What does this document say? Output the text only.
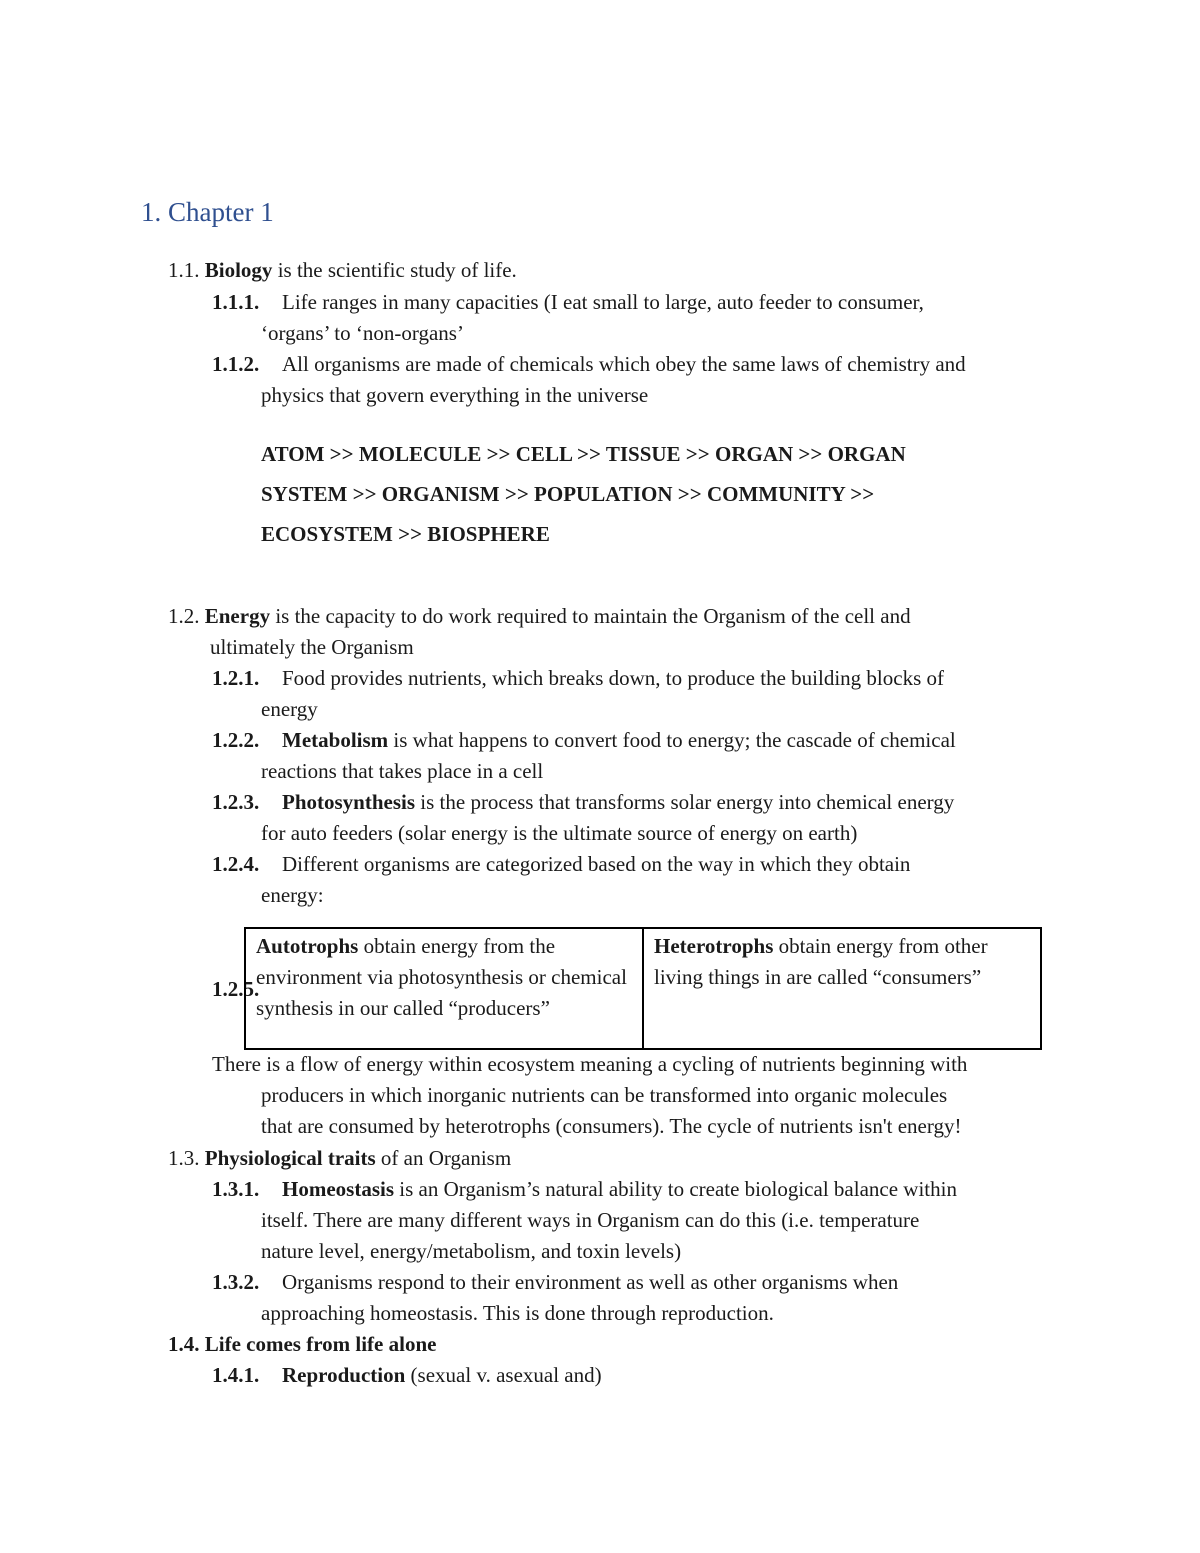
1. Chapter 1
1.1. Biology is the scientific study of life.
1.1.1. Life ranges in many capacities (I eat small to large, auto feeder to consumer,
‘organs’ to ‘non-organs’
1.1.2. All organisms are made of chemicals which obey the same laws of chemistry and
physics that govern everything in the universe
ATOM >> MOLECULE >> CELL >> TISSUE >> ORGAN >> ORGAN
SYSTEM >> ORGANISM >> POPULATION >> COMMUNITY >>
ECOSYSTEM >> BIOSPHERE
1.2. Energy is the capacity to do work required to maintain the Organism of the cell and
ultimately the Organism
1.2.1. Food provides nutrients, which breaks down, to produce the building blocks of
energy
1.2.2. Metabolism is what happens to convert food to energy; the cascade of chemical
reactions that takes place in a cell
1.2.3. Photosynthesis is the process that transforms solar energy into chemical energy
for auto feeders (solar energy is the ultimate source of energy on earth)
1.2.4. Different organisms are categorized based on the way in which they obtain
energy:
1.2.5.
Autotrophs obtain energy from the environment via photosynthesis or chemical synthesis in our called “producers”	Heterotrophs obtain energy from other living things in are called “consumers”
There is a flow of energy within ecosystem meaning a cycling of nutrients beginning with
producers in which inorganic nutrients can be transformed into organic molecules
that are consumed by heterotrophs (consumers). The cycle of nutrients isn't energy!
1.3. Physiological traits of an Organism
1.3.1. Homeostasis is an Organism’s natural ability to create biological balance within
itself. There are many different ways in Organism can do this (i.e. temperature
nature level, energy/metabolism, and toxin levels)
1.3.2. Organisms respond to their environment as well as other organisms when
approaching homeostasis. This is done through reproduction.
1.4. Life comes from life alone
1.4.1. Reproduction (sexual v. asexual and)
